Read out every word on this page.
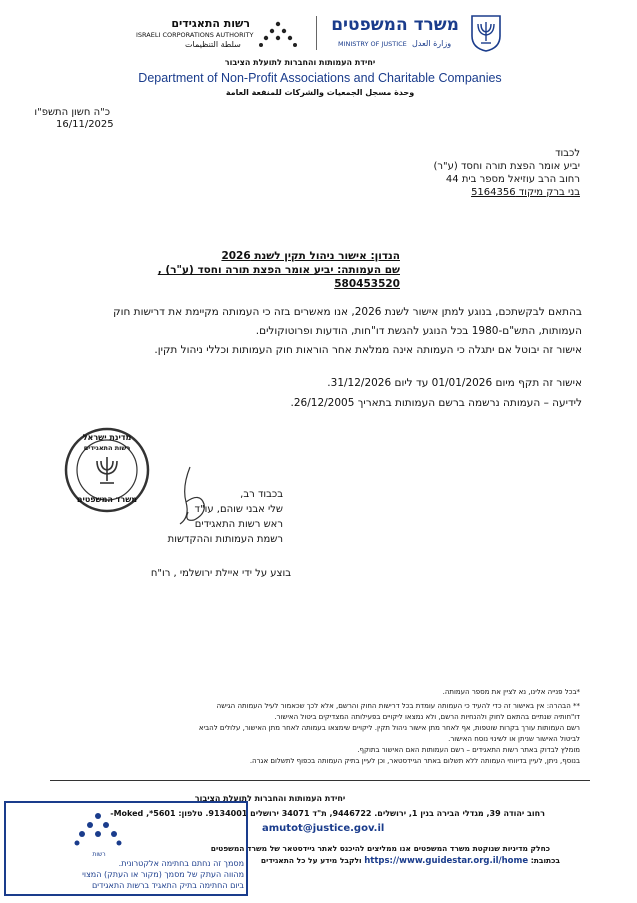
משרד המשפטים
MINISTRY OF JUSTICE وزارة العدل
רשות התאגידים
ISRAELI CORPORATIONS AUTHORITY
سلطة التنظيمات
יחידת העמותות והחברות לתועלת הציבור
Department of Non-Profit Associations and Charitable Companies
وحدة مسجل الجمعيات والشركات للمنفعة العامة
כ"ה חשון התשפ"ו
16/11/2025
לכבוד
יביע אומר הפצת תורה וחסד (ע"ר)
רחוב הרב עוזיאל מספר בית 44
בני ברק מיקוד 5164356
הנדון: אישור ניהול תקין לשנת 2026
שם העמותה: יביע אומר הפצת תורה וחסד (ע"ר) , 580453520
בהתאם לבקשתכם, בנוגע למתן אישור לשנת 2026, אנו מאשרים בזה כי העמותה מקיימת את דרישות חוק
העמותות, התש"ם-1980 בכל הנוגע להגשת דו"חות, הודעות ופרוטוקולים.
אישור זה יבוטל אם יתגלה כי העמותה אינה ממלאת אחר הוראות חוק העמותות וכללי ניהול תקין.
אישור זה תקף מיום 01/01/2026 עד ליום 31/12/2026.
לידיעה – העמותה נרשמה ברשם העמותות בתאריך 26/12/2005.
מדינת ישראל
רשות התאגידים
משרד המשפטים	בכבוד רב,
שלי אבני שוהם, עו"ד
ראש רשות התאגידים
רשמת העמותות וההקדשות
בוצע על ידי איילת ירושלמי , רו"ח
*בכל פנייה אלינו, נא לציין את מספר העמותה.
** הבהרה: אין באישור זה כדי להעיד כי העמותה עומדת בכל דרישות החוק והרשם, אלא לכך שכאמור לעיל העמותה הגישה
דו"חותיה שנתיים בהתאם לחוק ולהנחיות הרשם, ולא נמצאו ליקויים בפעילותה המצדיקים ביטול האישור.
רשם העמותות עורך בקרות שוטפות, אף לאחר מתן אישור ניהול תקין. ליקויים שימצאו בעמותה לאחר מתן האישור, עלולים להביא
לביטול האישור שניתן או לשינוי נוסח האישור.
מומלץ לבדוק באתר רשות התאגידים – רשם העמותות האם האישור בתוקף.
בנוסף, ניתן, לעיין בדיווחי העמותה ללא תשלום באתר הגיידסטאר, וכן לעיין בתיק העמותה בכפוף לתשלום אגרה.
יחידת העמותות והחברות לתועלת הציבור
רחוב יהודה 39, מגדלי הבירה בנין 1, ירושלים. 9446722, ת"ד 34071 ירושלים 9134001. טלפון: 5601*, Moked-
amutot@justice.gov.il
כחלק מדיניות שנוקטת משרד המשפטים אנו ממליצים להיכנס לאתר גיידסטאר של משרד המשפטים
בכתובת: https://www.guidestar.org.il/home ולקבל מידע על כל התאגידים
רשות
מסמך זה נחתם בחתימה אלקטרונית.
מהווה העתק של מסמך (מקור או העתק) המצוי
ביום החתימה בתיק התאגיד ברשות התאגידים
